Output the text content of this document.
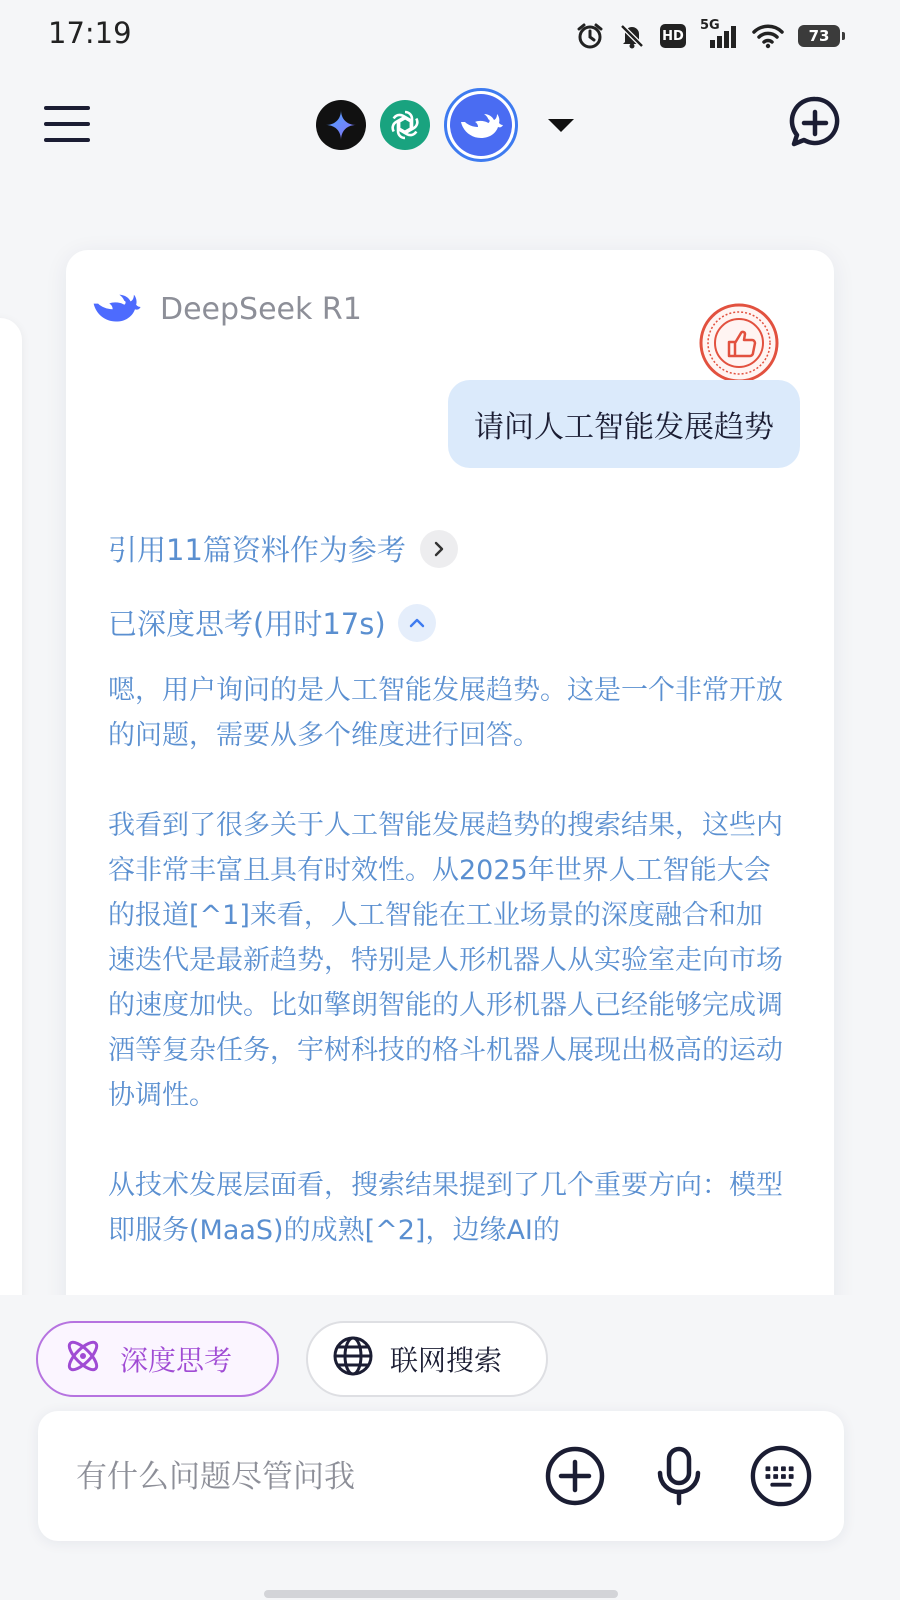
17:19	HD
5G
73
DeepSeek R1
请问人工智能发展趋势
引用11篇资料作为参考
已深度思考(用时17s)

嗯，用户询问的是人工智能发展趋势。这是一个非常开放的问题，需要从多个维度进行回答。

我看到了很多关于人工智能发展趋势的搜索结果，这些内容非常丰富且具有时效性。从2025年世界人工智能大会的报道[^1]来看，人工智能在工业场景的深度融合和加速迭代是最新趋势，特别是人形机器人从实验室走向市场的速度加快。比如擎朗智能的人形机器人已经能够完成调酒等复杂任务，宇树科技的格斗机器人展现出极高的运动协调性。

从技术发展层面看，搜索结果提到了几个重要方向：模型即服务(MaaS)的成熟[^2]，边缘AI的

深度思考	联网搜索
有什么问题尽管问我
